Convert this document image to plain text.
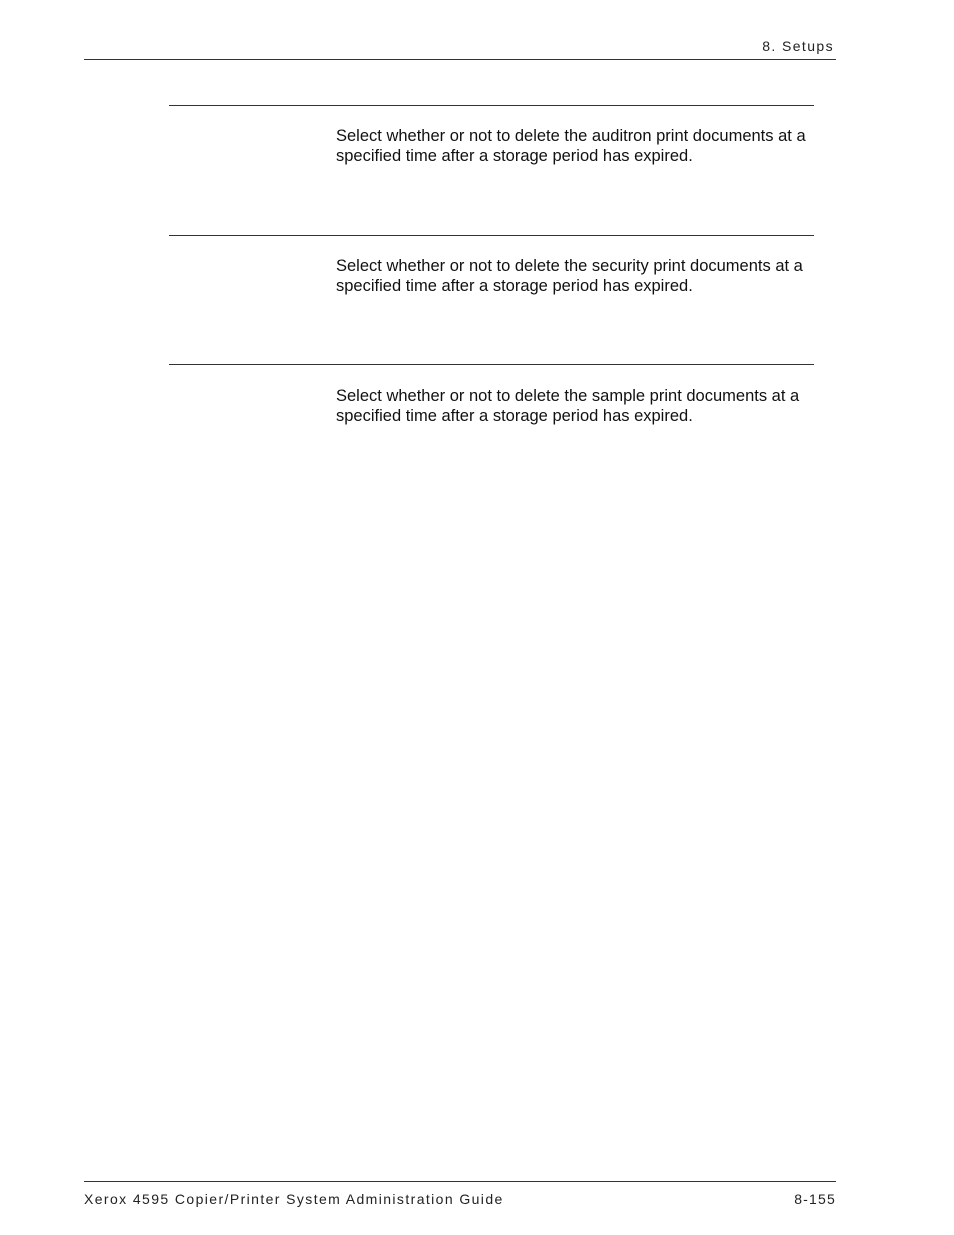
8. Setups
Select whether or not to delete the auditron print documents at a specified time after a storage period has expired.
Select whether or not to delete the security print documents at a specified time after a storage period has expired.
Select whether or not to delete the sample print documents at a specified time after a storage period has expired.
Xerox 4595 Copier/Printer System Administration Guide	8-155
